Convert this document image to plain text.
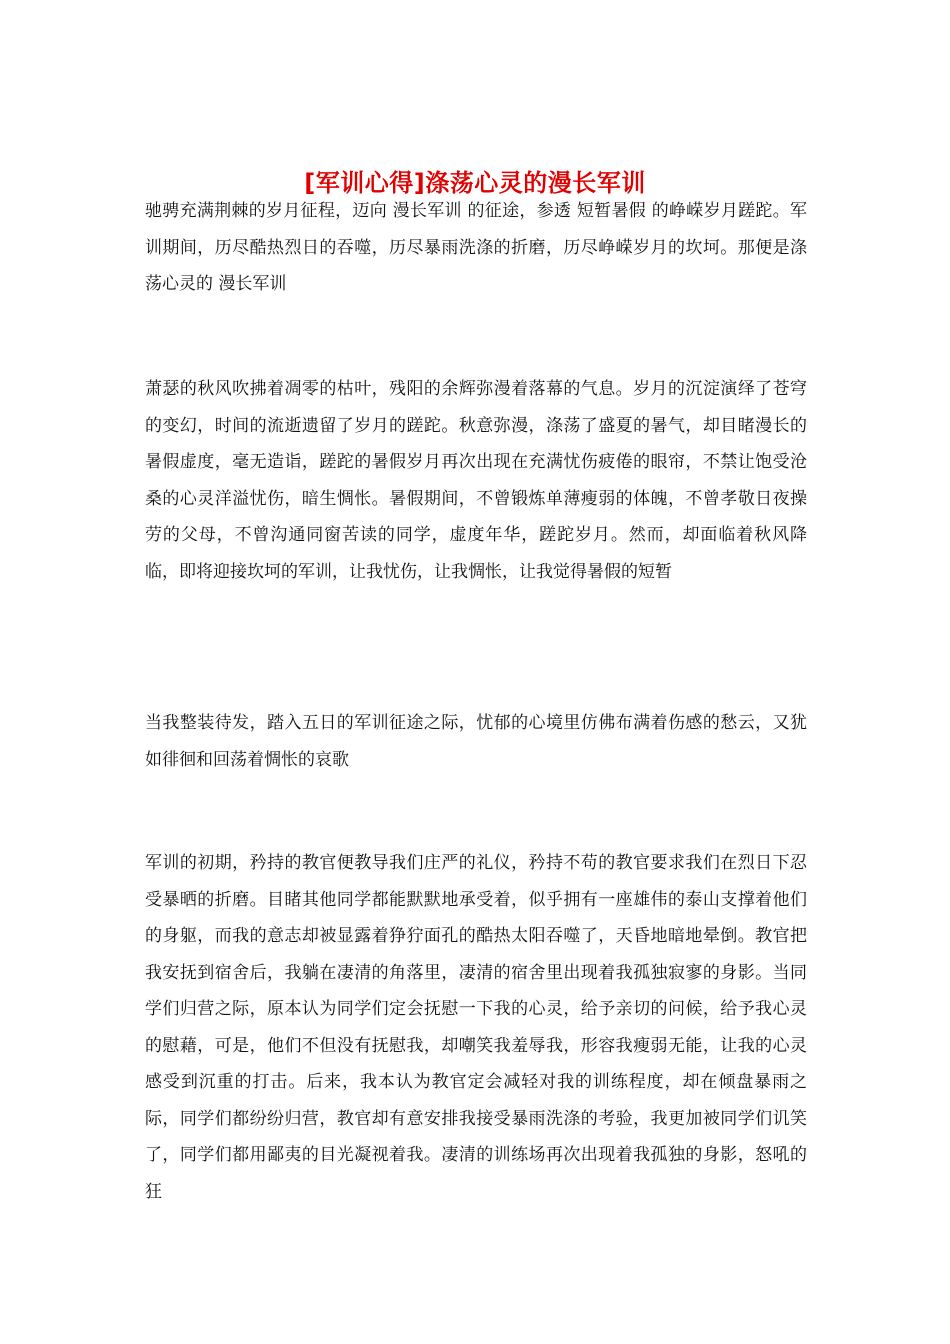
[军训心得]涤荡心灵的漫长军训

驰骋充满荆棘的岁月征程，迈向 漫长军训 的征途，参透 短暂暑假 的峥嵘岁月蹉跎。军训期间，历尽酷热烈日的吞噬，历尽暴雨洗涤的折磨，历尽峥嵘岁月的坎坷。那便是涤荡心灵的 漫长军训

萧瑟的秋风吹拂着凋零的枯叶，残阳的余辉弥漫着落幕的气息。岁月的沉淀演绎了苍穹的变幻，时间的流逝遗留了岁月的蹉跎。秋意弥漫，涤荡了盛夏的暑气，却目睹漫长的暑假虚度，毫无造诣，蹉跎的暑假岁月再次出现在充满忧伤疲倦的眼帘，不禁让饱受沧桑的心灵洋溢忧伤，暗生惆怅。暑假期间，不曾锻炼单薄瘦弱的体魄，不曾孝敬日夜操劳的父母，不曾沟通同窗苦读的同学，虚度年华，蹉跎岁月。然而，却面临着秋风降临，即将迎接坎坷的军训，让我忧伤，让我惆怅，让我觉得暑假的短暂

当我整装待发，踏入五日的军训征途之际，忧郁的心境里仿佛布满着伤感的愁云，又犹如徘徊和回荡着惆怅的哀歌

军训的初期，矜持的教官便教导我们庄严的礼仪，矜持不苟的教官要求我们在烈日下忍受暴晒的折磨。目睹其他同学都能默默地承受着，似乎拥有一座雄伟的泰山支撑着他们的身躯，而我的意志却被显露着狰狞面孔的酷热太阳吞噬了，天昏地暗地晕倒。教官把我安抚到宿舍后，我躺在凄清的角落里，凄清的宿舍里出现着我孤独寂寥的身影。当同学们归营之际，原本认为同学们定会抚慰一下我的心灵，给予亲切的问候，给予我心灵的慰藉，可是，他们不但没有抚慰我，却嘲笑我羞辱我，形容我瘦弱无能，让我的心灵感受到沉重的打击。后来，我本认为教官定会减轻对我的训练程度，却在倾盘暴雨之际，同学们都纷纷归营，教官却有意安排我接受暴雨洗涤的考验，我更加被同学们讥笑了，同学们都用鄙夷的目光凝视着我。凄清的训练场再次出现着我孤独的身影，怒吼的狂
